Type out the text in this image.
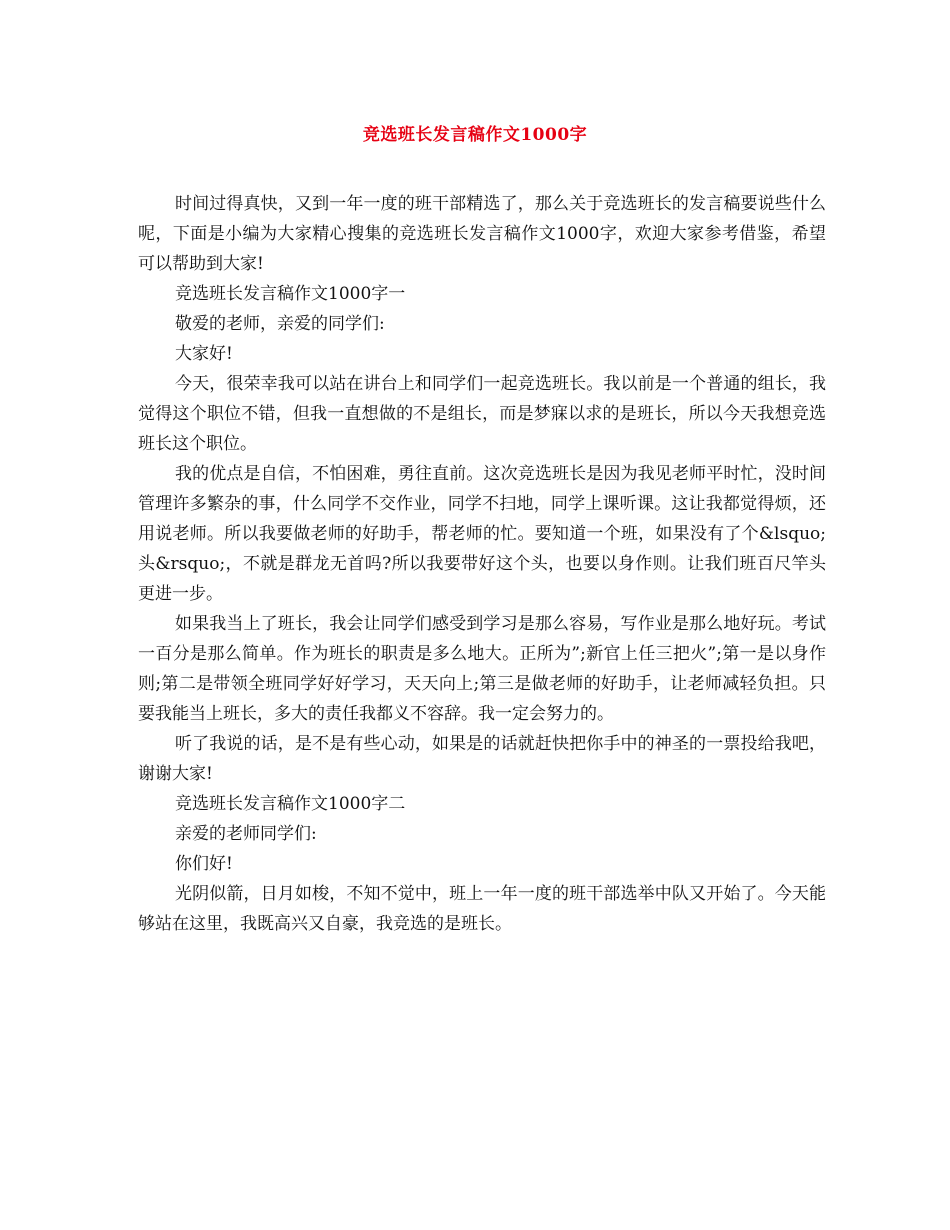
竞选班长发言稿作文1000字

时间过得真快，又到一年一度的班干部精选了，那么关于竞选班长的发言稿要说些什么呢，下面是小编为大家精心搜集的竞选班长发言稿作文1000字，欢迎大家参考借鉴，希望可以帮助到大家!

竞选班长发言稿作文1000字一

敬爱的老师，亲爱的同学们:

大家好!

今天，很荣幸我可以站在讲台上和同学们一起竞选班长。我以前是一个普通的组长，我觉得这个职位不错，但我一直想做的不是组长，而是梦寐以求的是班长，所以今天我想竞选班长这个职位。

我的优点是自信，不怕困难，勇往直前。这次竞选班长是因为我见老师平时忙，没时间管理许多繁杂的事，什么同学不交作业，同学不扫地，同学上课听课。这让我都觉得烦，还用说老师。所以我要做老师的好助手，帮老师的忙。要知道一个班，如果没有了个&lsquo;头&rsquo;，不就是群龙无首吗?所以我要带好这个头，也要以身作则。让我们班百尺竿头更进一步。

如果我当上了班长，我会让同学们感受到学习是那么容易，写作业是那么地好玩。考试一百分是那么简单。作为班长的职责是多么地大。正所为”;新官上任三把火”;第一是以身作则;第二是带领全班同学好好学习，天天向上;第三是做老师的好助手，让老师减轻负担。只要我能当上班长，多大的责任我都义不容辞。我一定会努力的。

听了我说的话，是不是有些心动，如果是的话就赶快把你手中的神圣的一票投给我吧，谢谢大家!

竞选班长发言稿作文1000字二

亲爱的老师同学们:

你们好!

光阴似箭，日月如梭，不知不觉中，班上一年一度的班干部选举中队又开始了。今天能够站在这里，我既高兴又自豪，我竞选的是班长。
